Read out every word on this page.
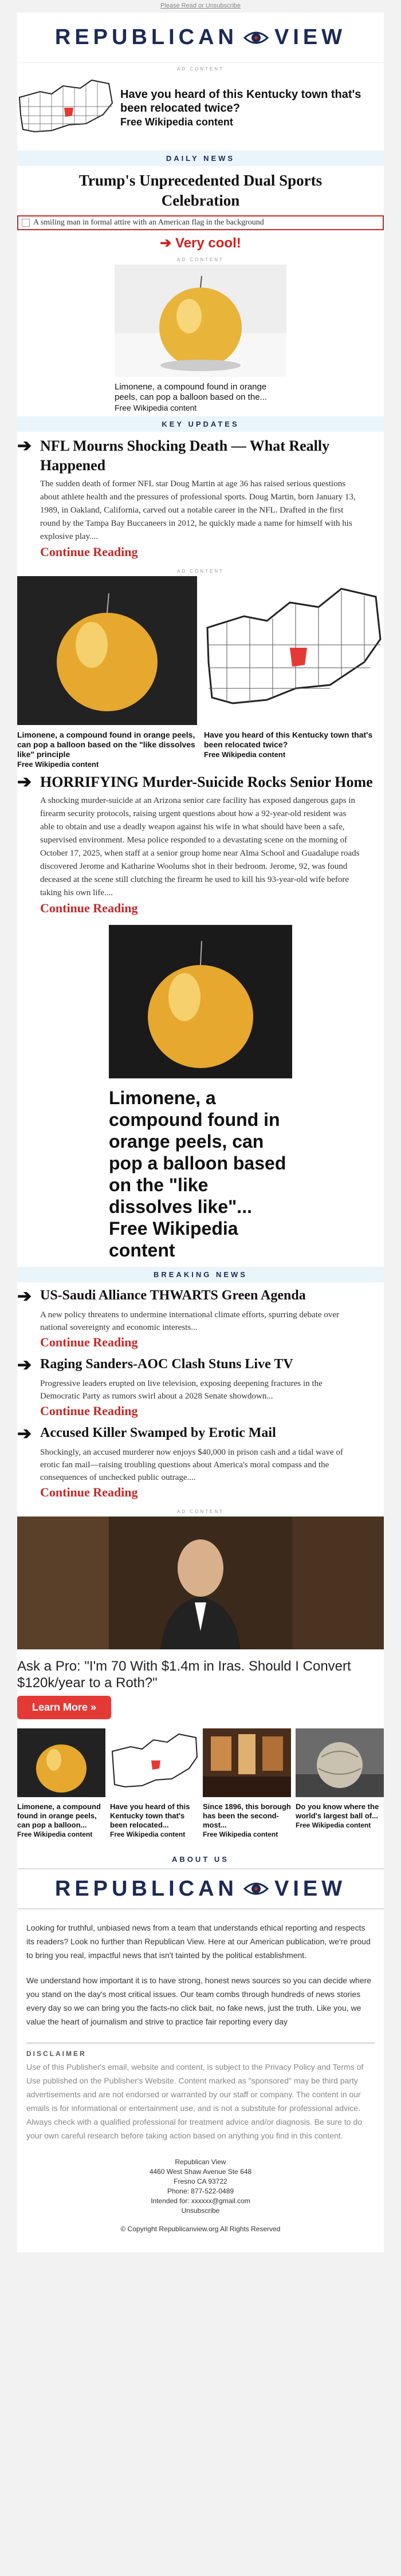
Please Read or Unsubscribe
REPUBLICAN VIEW
AD CONTENT
Have you heard of this Kentucky town that's been relocated twice?
Free Wikipedia content
DAILY NEWS
Trump's Unprecedented Dual Sports Celebration
A smiling man in formal attire with an American flag in the background
➔ Very cool!
AD CONTENT
Limonene, a compound found in orange peels, can pop a balloon based on the...
Free Wikipedia content
KEY UPDATES
➔ NFL Mourns Shocking Death — What Really Happened
The sudden death of former NFL star Doug Martin at age 36 has raised serious questions about athlete health and the pressures of professional sports. Doug Martin, born January 13, 1989, in Oakland, California, carved out a notable career in the NFL. Drafted in the first round by the Tampa Bay Buccaneers in 2012, he quickly made a name for himself with his explosive play....
Continue Reading
AD CONTENT
Limonene, a compound found in orange peels, can pop a balloon based on the "like dissolves like" principle
Free Wikipedia content
Have you heard of this Kentucky town that's been relocated twice?
Free Wikipedia content
➔ HORRIFYING Murder-Suicide Rocks Senior Home
A shocking murder-suicide at an Arizona senior care facility has exposed dangerous gaps in firearm security protocols, raising urgent questions about how a 92-year-old resident was able to obtain and use a deadly weapon against his wife in what should have been a safe, supervised environment. Mesa police responded to a devastating scene on the morning of October 17, 2025, when staff at a senior group home near Alma School and Guadalupe roads discovered Jerome and Katharine Woolums shot in their bedroom. Jerome, 92, was found deceased at the scene still clutching the firearm he used to kill his 93-year-old wife before taking his own life....
Continue Reading
Limonene, a compound found in orange peels, can pop a balloon based on the "like dissolves like"...
Free Wikipedia content
BREAKING NEWS
➔ US-Saudi Alliance THWARTS Green Agenda
A new policy threatens to undermine international climate efforts, spurring debate over national sovereignty and economic interests...
Continue Reading
➔ Raging Sanders-AOC Clash Stuns Live TV
Progressive leaders erupted on live television, exposing deepening fractures in the Democratic Party as rumors swirl about a 2028 Senate showdown...
Continue Reading
➔ Accused Killer Swamped by Erotic Mail
Shockingly, an accused murderer now enjoys $40,000 in prison cash and a tidal wave of erotic fan mail—raising troubling questions about America's moral compass and the consequences of unchecked public outrage....
Continue Reading
AD CONTENT
Ask a Pro: "I'm 70 With $1.4m in Iras. Should I Convert $120k/year to a Roth?"
Learn More »
Limonene, a compound found in orange peels, can pop a balloon...
Free Wikipedia content
Have you heard of this Kentucky town that's been relocated...
Free Wikipedia content
Since 1896, this borough has been the second-most...
Free Wikipedia content
Do you know where the world's largest ball of...
Free Wikipedia content
ABOUT US
REPUBLICAN VIEW

Looking for truthful, unbiased news from a team that understands ethical reporting and respects its readers? Look no further than Republican View. Here at our American publication, we're proud to bring you real, impactful news that isn't tainted by the political establishment.

We understand how important it is to have strong, honest news sources so you can decide where you stand on the day's most critical issues. Our team combs through hundreds of news stories every day so we can bring you the facts-no click bait, no fake news, just the truth. Like you, we value the heart of journalism and strive to practice fair reporting every day

DISCLAIMER

Use of this Publisher's email, website and content, is subject to the Privacy Policy and Terms of Use published on the Publisher's Website. Content marked as "sponsored" may be third party advertisements and are not endorsed or warranted by our staff or company. The content in our emails is for informational or entertainment use, and is not a substitute for professional advice. Always check with a qualified professional for treatment advice and/or diagnosis. Be sure to do your own careful research before taking action based on anything you find in this content.

Republican View
4460 West Shaw Avenue Ste 648
Fresno CA 93722
Phone: 877-522-0489
Intended for: xxxxxx@gmail.com
Unsubscribe
© Copyright Republicanview.org All Rights Reserved
